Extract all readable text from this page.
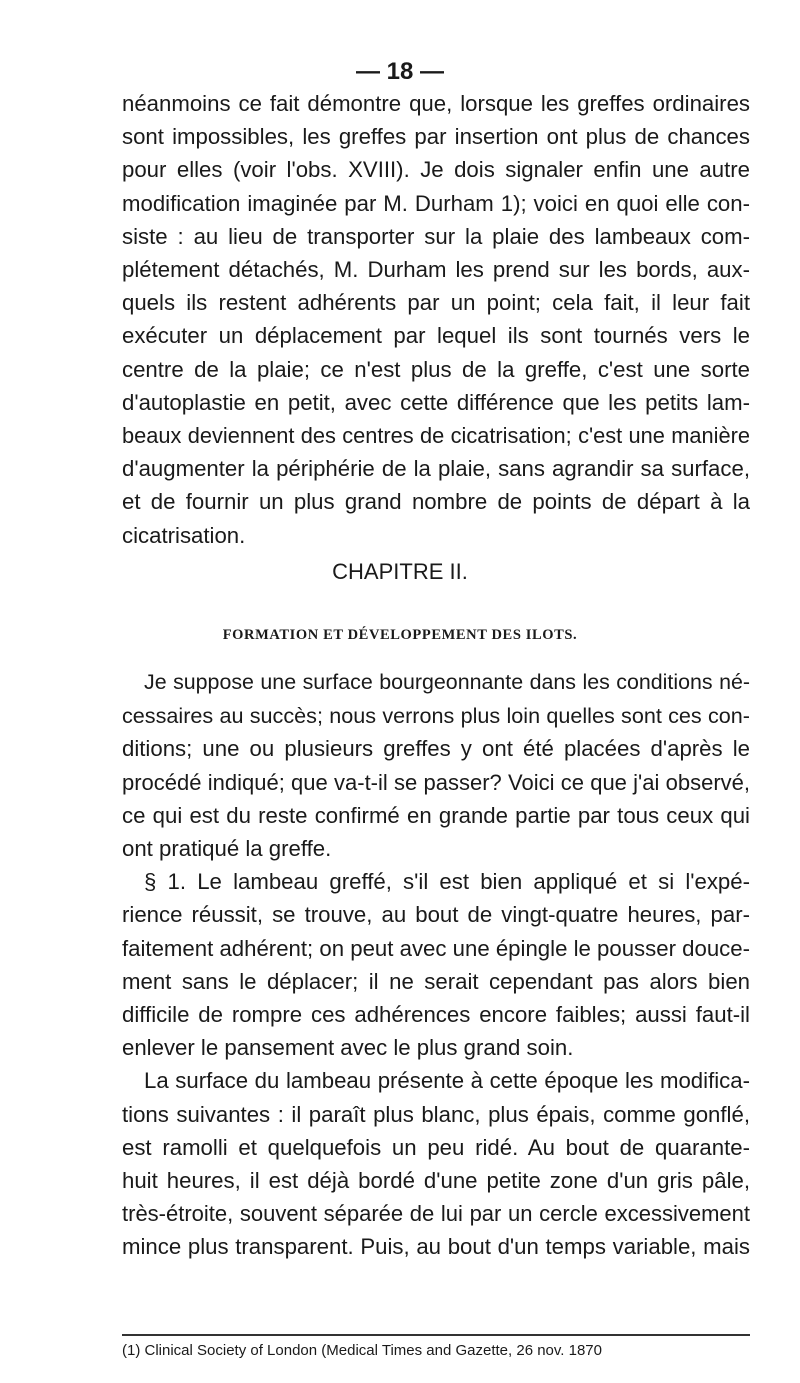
— 18 —
néanmoins ce fait démontre que, lorsque les greffes ordinaires
sont impossibles, les greffes par insertion ont plus de chances
pour elles (voir l'obs. XVIII). Je dois signaler enfin une autre
modification imaginée par M. Durham 1); voici en quoi elle con-
siste : au lieu de transporter sur la plaie des lambeaux com-
plétement détachés, M. Durham les prend sur les bords, aux-
quels ils restent adhérents par un point; cela fait, il leur fait
exécuter un déplacement par lequel ils sont tournés vers le
centre de la plaie; ce n'est plus de la greffe, c'est une sorte
d'autoplastie en petit, avec cette différence que les petits lam-
beaux deviennent des centres de cicatrisation; c'est une manière
d'augmenter la périphérie de la plaie, sans agrandir sa surface,
et de fournir un plus grand nombre de points de départ à la
cicatrisation.
CHAPITRE II.
FORMATION ET DÉVELOPPEMENT DES ILOTS.
Je suppose une surface bourgeonnante dans les conditions né-
cessaires au succès; nous verrons plus loin quelles sont ces con-
ditions; une ou plusieurs greffes y ont été placées d'après le
procédé indiqué; que va-t-il se passer? Voici ce que j'ai observé,
ce qui est du reste confirmé en grande partie par tous ceux qui
ont pratiqué la greffe.
§ 1. Le lambeau greffé, s'il est bien appliqué et si l'expé-
rience réussit, se trouve, au bout de vingt-quatre heures, par-
faitement adhérent; on peut avec une épingle le pousser douce-
ment sans le déplacer; il ne serait cependant pas alors bien
difficile de rompre ces adhérences encore faibles; aussi faut-il
enlever le pansement avec le plus grand soin.
La surface du lambeau présente à cette époque les modifica-
tions suivantes : il paraît plus blanc, plus épais, comme gonflé,
est ramolli et quelquefois un peu ridé. Au bout de quarante-
huit heures, il est déjà bordé d'une petite zone d'un gris pâle,
très-étroite, souvent séparée de lui par un cercle excessivement
mince plus transparent. Puis, au bout d'un temps variable, mais
(1) Clinical Society of London (Medical Times and Gazette, 26 nov. 1870
